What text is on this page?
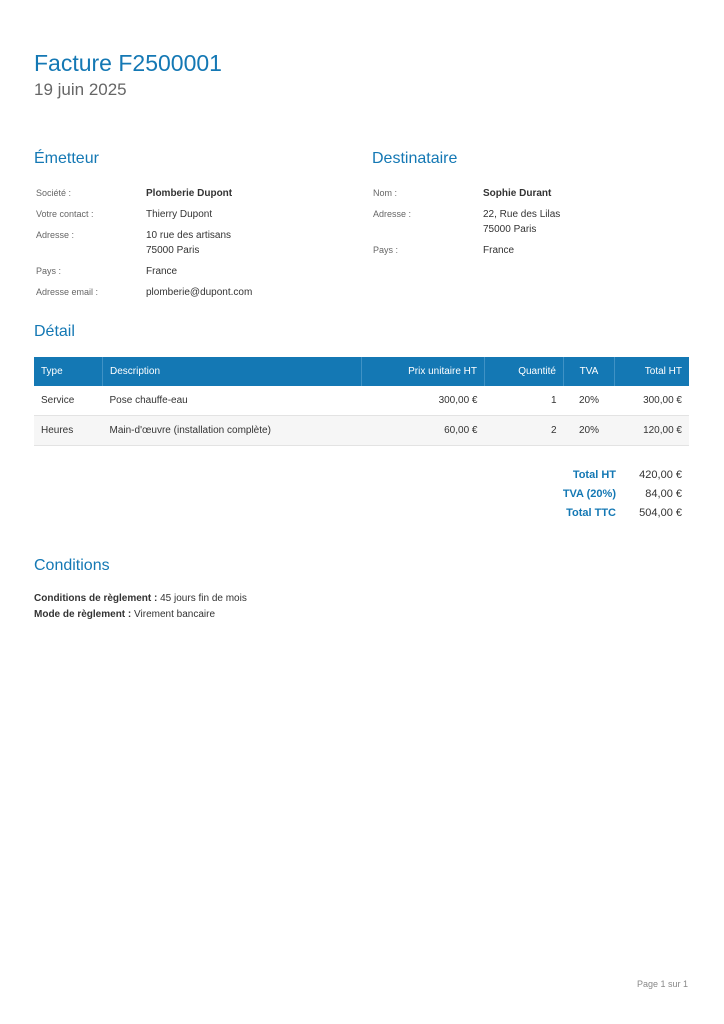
Facture F2500001
19 juin 2025
Émetteur
Société :	Plomberie Dupont
Votre contact :	Thierry Dupont
Adresse :	10 rue des artisans
75000 Paris
Pays :	France
Adresse email :	plomberie@dupont.com
Destinataire
Nom :	Sophie Durant
Adresse :	22, Rue des Lilas
75000 Paris
Pays :	France
Détail
Type	Description	Prix unitaire HT	Quantité	TVA	Total HT
Service	Pose chauffe-eau	300,00 €	1	20%	300,00 €
Heures	Main-d'œuvre (installation complète)	60,00 €	2	20%	120,00 €
Total HT	420,00 €
TVA (20%)	84,00 €
Total TTC	504,00 €
Conditions
Conditions de règlement : 45 jours fin de mois
Mode de règlement : Virement bancaire
Page 1 sur 1
